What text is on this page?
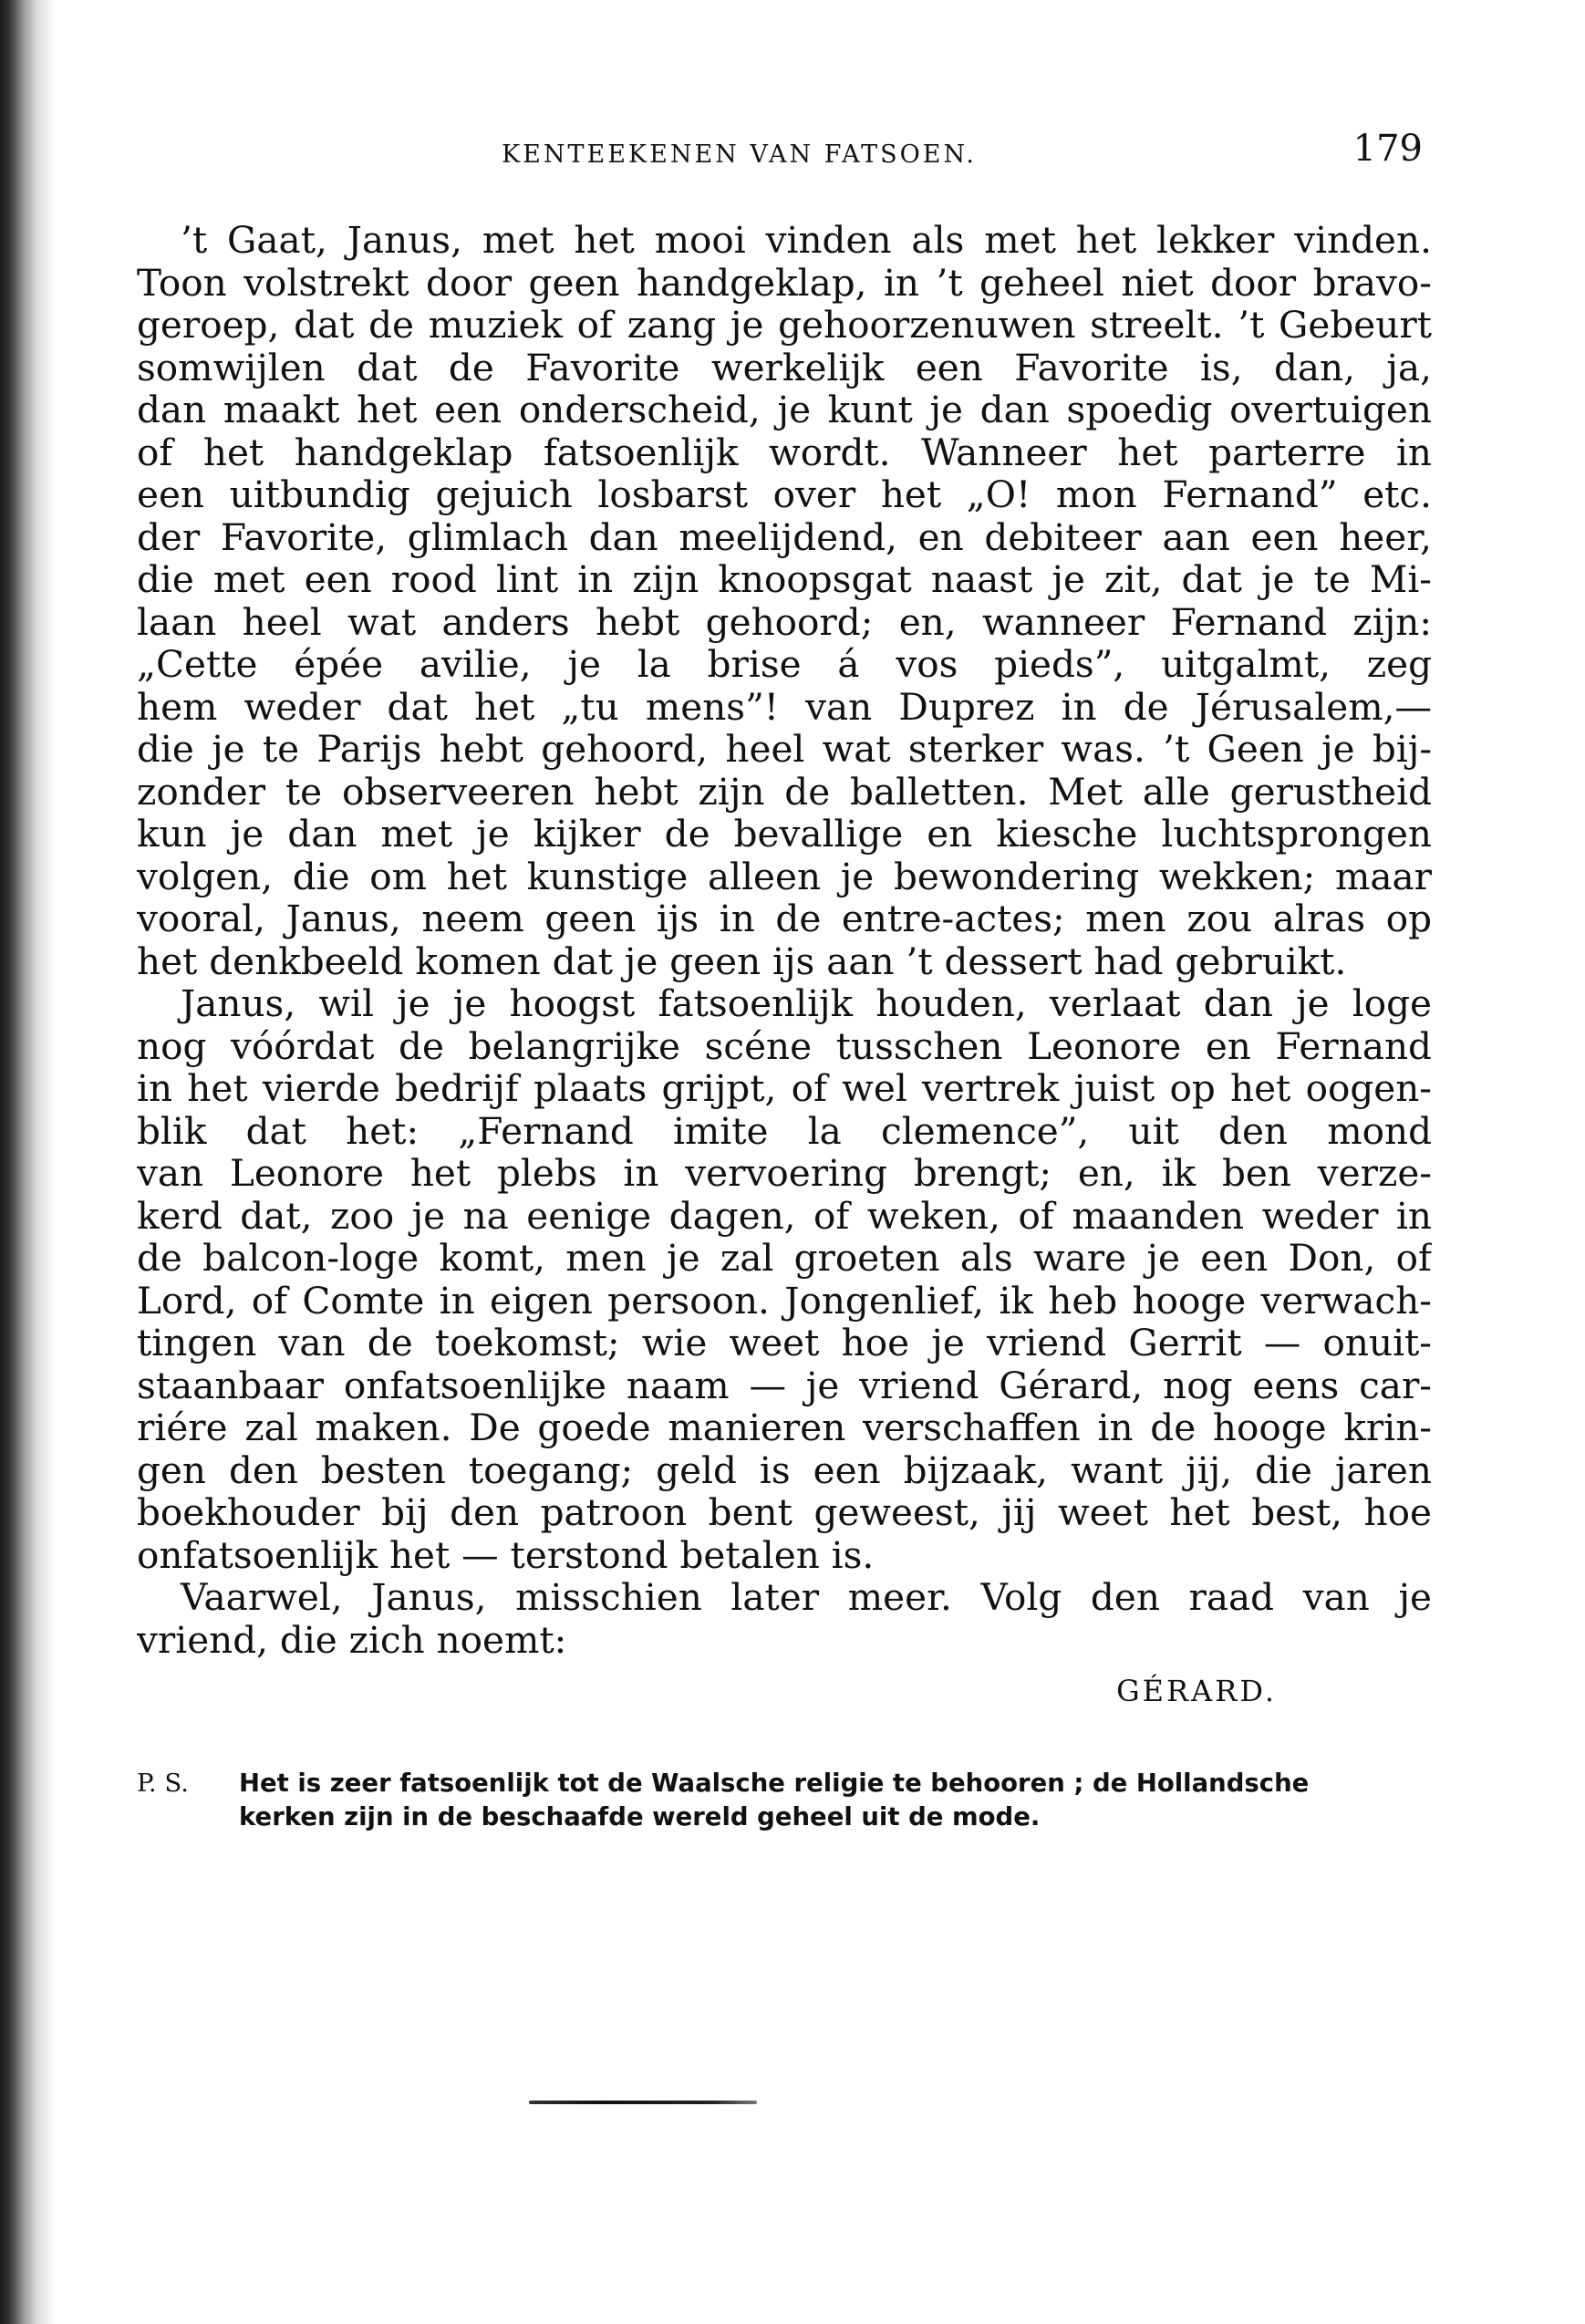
KENTEEKENEN VAN FATSOEN.	179
’t Gaat, Janus, met het mooi vinden als met het lekker vinden.
Toon volstrekt door geen handgeklap, in ’t geheel niet door bravo-
geroep, dat de muziek of zang je gehoorzenuwen streelt. ’t Gebeurt
somwijlen dat de Favorite werkelijk een Favorite is, dan, ja,
dan maakt het een onderscheid, je kunt je dan spoedig overtuigen
of het handgeklap fatsoenlijk wordt. Wanneer het parterre in
een uitbundig gejuich losbarst over het „O! mon Fernand” etc.
der Favorite, glimlach dan meelijdend, en debiteer aan een heer,
die met een rood lint in zijn knoopsgat naast je zit, dat je te Mi-
laan heel wat anders hebt gehoord; en, wanneer Fernand zijn:
„Cette épée avilie, je la brise á vos pieds”, uitgalmt, zeg
hem weder dat het „tu mens”! van Duprez in de Jérusalem,—
die je te Parijs hebt gehoord, heel wat sterker was. ’t Geen je bij-
zonder te observeeren hebt zijn de balletten. Met alle gerustheid
kun je dan met je kijker de bevallige en kiesche luchtsprongen
volgen, die om het kunstige alleen je bewondering wekken; maar
vooral, Janus, neem geen ijs in de entre-actes; men zou alras op
het denkbeeld komen dat je geen ijs aan ’t dessert had gebruikt.
Janus, wil je je hoogst fatsoenlijk houden, verlaat dan je loge
nog vóórdat de belangrijke scéne tusschen Leonore en Fernand
in het vierde bedrijf plaats grijpt, of wel vertrek juist op het oogen-
blik dat het: „Fernand imite la clemence”, uit den mond
van Leonore het plebs in vervoering brengt; en, ik ben verze-
kerd dat, zoo je na eenige dagen, of weken, of maanden weder in
de balcon-loge komt, men je zal groeten als ware je een Don, of
Lord, of Comte in eigen persoon. Jongenlief, ik heb hooge verwach-
tingen van de toekomst; wie weet hoe je vriend Gerrit — onuit-
staanbaar onfatsoenlijke naam — je vriend Gérard, nog eens car-
riére zal maken. De goede manieren verschaffen in de hooge krin-
gen den besten toegang; geld is een bijzaak, want jij, die jaren
boekhouder bij den patroon bent geweest, jij weet het best, hoe
onfatsoenlijk het — terstond betalen is.
Vaarwel, Janus, misschien later meer. Volg den raad van je
vriend, die zich noemt:
GÉRARD.
P. S. Het is zeer fatsoenlijk tot de Waalsche religie te behooren ; de Hollandsche
kerken zijn in de beschaafde wereld geheel uit de mode.
